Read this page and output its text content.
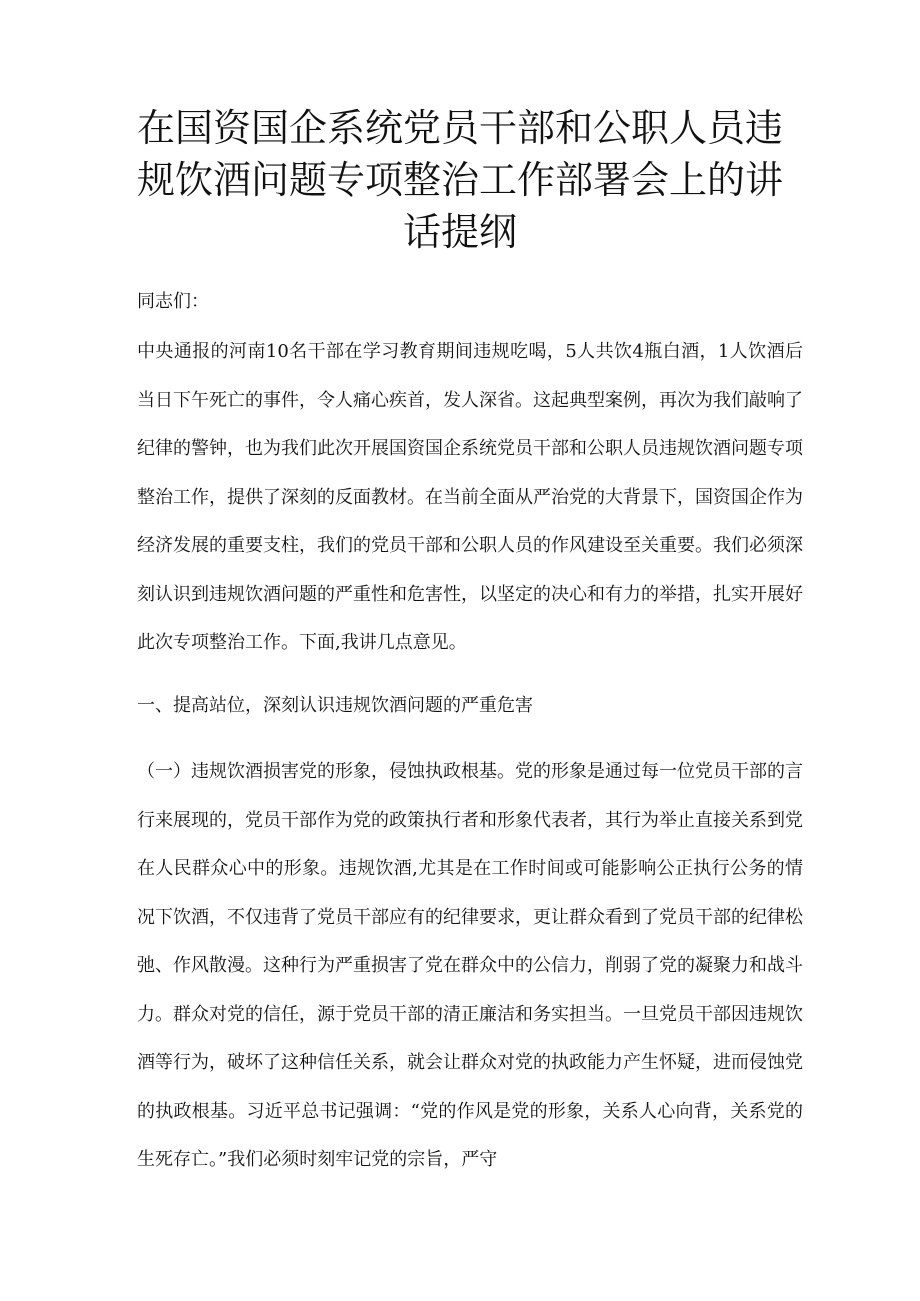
在国资国企系统党员干部和公职人员违
规饮酒问题专项整治工作部署会上的讲
话提纲

同志们：

中央通报的河南10名干部在学习教育期间违规吃喝，5人共饮4瓶白酒，1人饮酒后当日下午死亡的事件，令人痛心疾首，发人深省。这起典型案例，再次为我们敲响了纪律的警钟，也为我们此次开展国资国企系统党员干部和公职人员违规饮酒问题专项整治工作，提供了深刻的反面教材。在当前全面从严治党的大背景下，国资国企作为经济发展的重要支柱，我们的党员干部和公职人员的作风建设至关重要。我们必须深刻认识到违规饮酒问题的严重性和危害性，以坚定的决心和有力的举措，扎实开展好此次专项整治工作。下面,我讲几点意见。

一、提高站位，深刻认识违规饮酒问题的严重危害

（一）违规饮酒损害党的形象，侵蚀执政根基。党的形象是通过每一位党员干部的言行来展现的，党员干部作为党的政策执行者和形象代表者，其行为举止直接关系到党在人民群众心中的形象。违规饮酒,尤其是在工作时间或可能影响公正执行公务的情况下饮酒，不仅违背了党员干部应有的纪律要求，更让群众看到了党员干部的纪律松弛、作风散漫。这种行为严重损害了党在群众中的公信力，削弱了党的凝聚力和战斗力。群众对党的信任，源于党员干部的清正廉洁和务实担当。一旦党员干部因违规饮酒等行为，破坏了这种信任关系，就会让群众对党的执政能力产生怀疑，进而侵蚀党的执政根基。习近平总书记强调：“党的作风是党的形象，关系人心向背，关系党的生死存亡。”我们必须时刻牢记党的宗旨，严守
